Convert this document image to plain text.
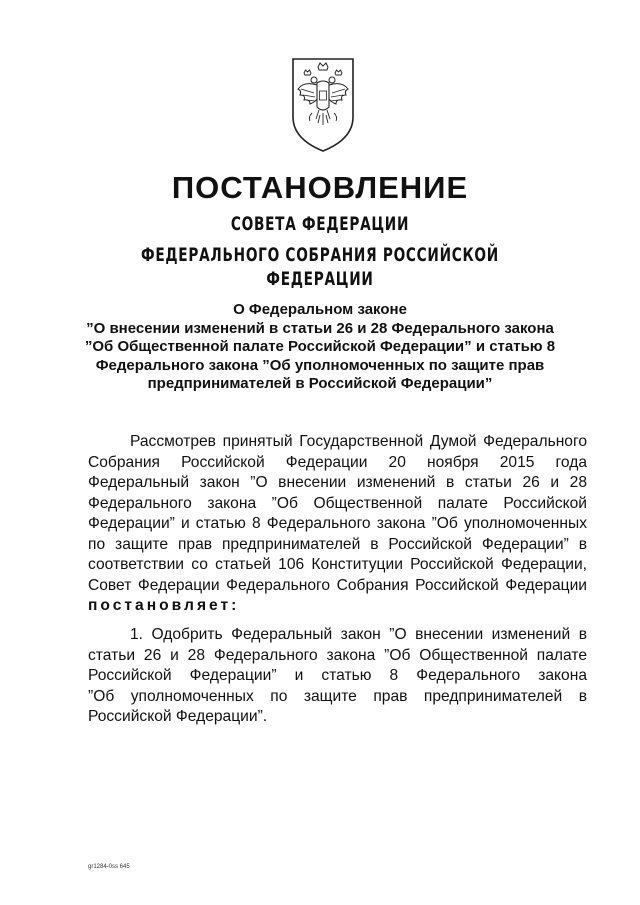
ПОСТАНОВЛЕНИЕ
СОВЕТА ФЕДЕРАЦИИ
ФЕДЕРАЛЬНОГО СОБРАНИЯ РОССИЙСКОЙ ФЕДЕРАЦИИ
О Федеральном законе
”О внесении изменений в статьи 26 и 28 Федерального закона
”Об Общественной палате Российской Федерации” и статью 8
Федерального закона ”Об уполномоченных по защите прав
предпринимателей в Российской Федерации”
Рассмотрев принятый Государственной Думой Федерального
Собрания Российской Федерации 20 ноября 2015 года
Федеральный закон ”О внесении изменений в статьи 26 и 28
Федерального закона ”Об Общественной палате Российской
Федерации” и статью 8 Федерального закона ”Об уполномоченных
по защите прав предпринимателей в Российской Федерации” в
соответствии со статьей 106 Конституции Российской Федерации,
Совет Федерации Федерального Собрания Российской Федерации
постановляет:
1. Одобрить Федеральный закон ”О внесении изменений в
статьи 26 и 28 Федерального закона ”Об Общественной палате
Российской Федерации” и статью 8 Федерального закона
”Об уполномоченных по защите прав предпринимателей в
Российской Федерации”.
gr1284-0ss 645
